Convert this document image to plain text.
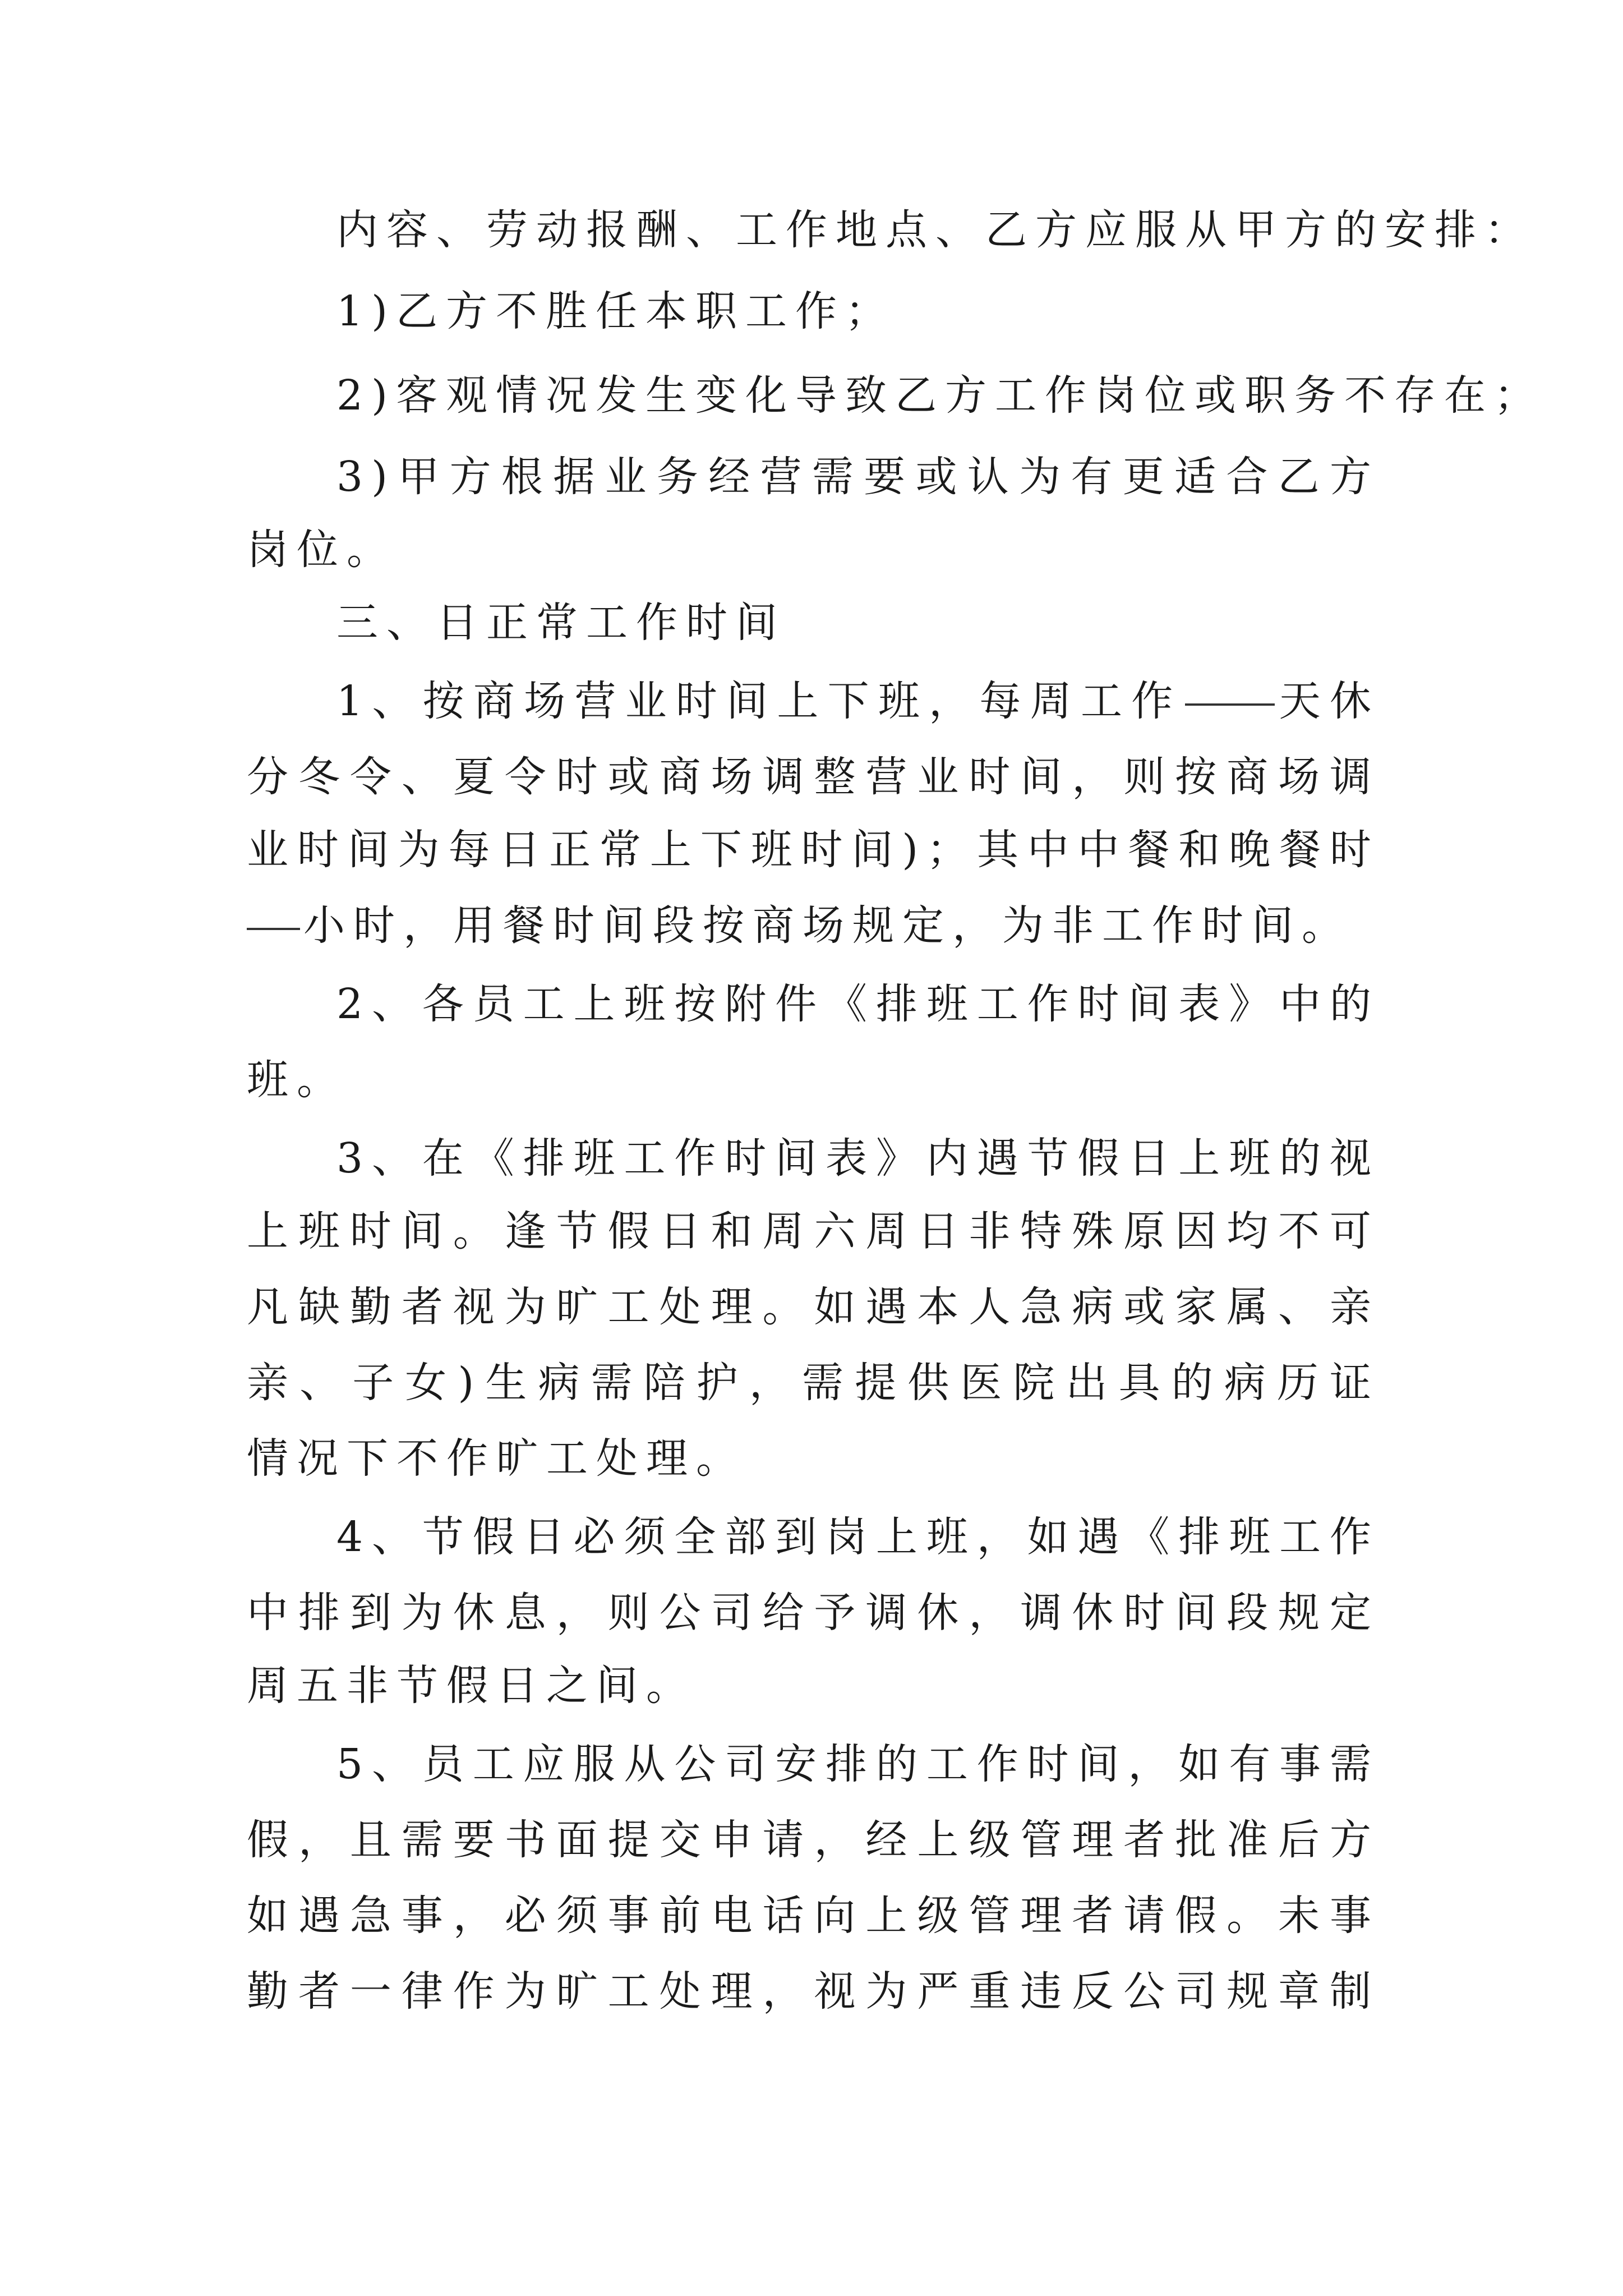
内容、劳动报酬、工作地点、乙方应服从甲方的安排：
1)乙方不胜任本职工作；
2)客观情况发生变化导致乙方工作岗位或职务不存在；
3)甲方根据业务经营需要或认为有更适合乙方
岗位。
三、日正常工作时间
1、按商场营业时间上下班，每周工作 天休
分冬令、夏令时或商场调整营业时间，则按商场调
业时间为每日正常上下班时间)；其中中餐和晚餐时
小时，用餐时间段按商场规定，为非工作时间。
2、各员工上班按附件《排班工作时间表》中的
班。
3、在《排班工作时间表》内遇节假日上班的视
上班时间。逢节假日和周六周日非特殊原因均不可
凡缺勤者视为旷工处理。如遇本人急病或家属、亲
亲、子女)生病需陪护，需提供医院出具的病历证
情况下不作旷工处理。
4、节假日必须全部到岗上班，如遇《排班工作
中排到为休息，则公司给予调休，调休时间段规定
周五非节假日之间。
5、员工应服从公司安排的工作时间，如有事需
假，且需要书面提交申请，经上级管理者批准后方
如遇急事，必须事前电话向上级管理者请假。未事
勤者一律作为旷工处理，视为严重违反公司规章制
